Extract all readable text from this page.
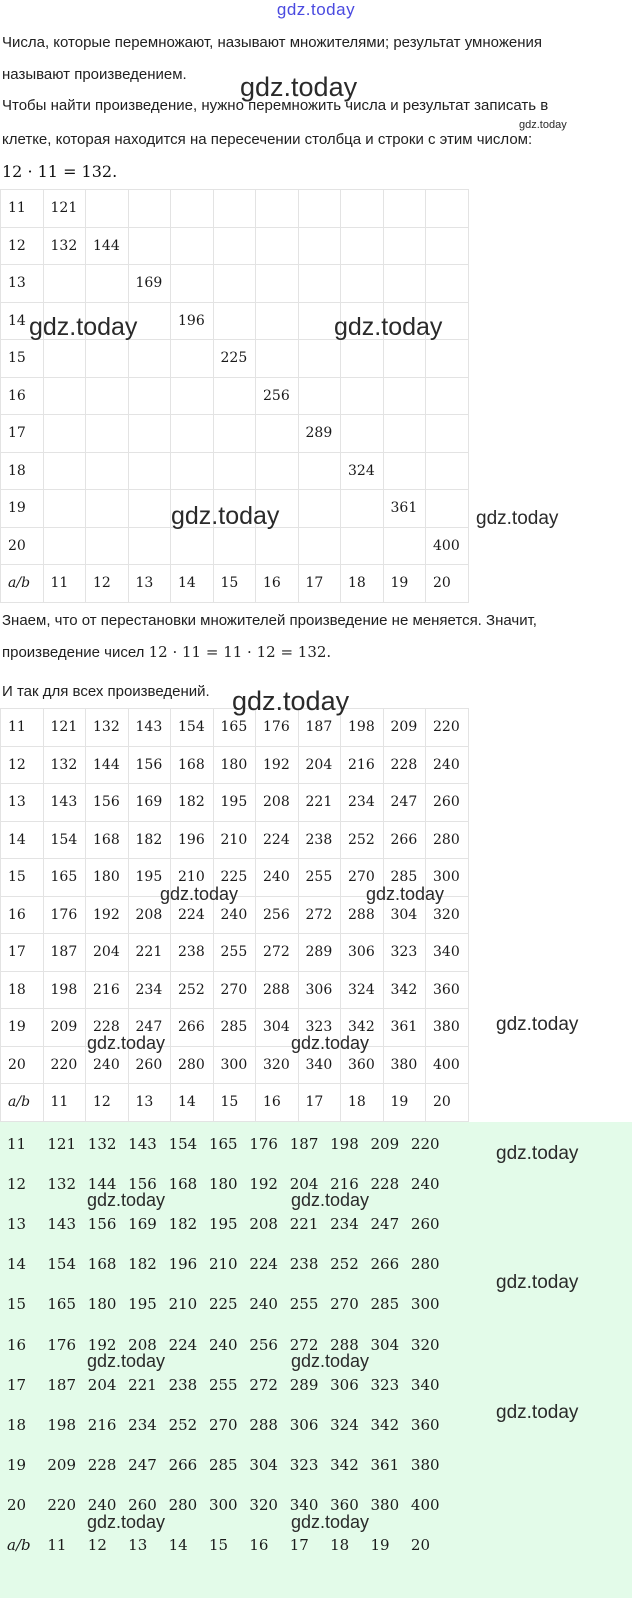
gdz.today
Числа, которые перемножают, называют множителями; результат умножения
называют произведением.
Чтобы найти произведение, нужно перемножить числа и результат записать в
клетке, которая находится на пересечении столбца и строки с этим числом:
12 · 11 = 132.
11	121									
12	132	144								
13			169							
14				196						
15					225					
16						256				
17							289			
18								324		
19									361	
20										400
a/b	11	12	13	14	15	16	17	18	19	20
Знаем, что от перестановки множителей произведение не меняется. Значит,
произведение чисел 12 · 11 = 11 · 12 = 132.
И так для всех произведений.
11	121	132	143	154	165	176	187	198	209	220
12	132	144	156	168	180	192	204	216	228	240
13	143	156	169	182	195	208	221	234	247	260
14	154	168	182	196	210	224	238	252	266	280
15	165	180	195	210	225	240	255	270	285	300
16	176	192	208	224	240	256	272	288	304	320
17	187	204	221	238	255	272	289	306	323	340
18	198	216	234	252	270	288	306	324	342	360
19	209	228	247	266	285	304	323	342	361	380
20	220	240	260	280	300	320	340	360	380	400
a/b	11	12	13	14	15	16	17	18	19	20
11	121	132	143	154	165	176	187	198	209	220
12	132	144	156	168	180	192	204	216	228	240
13	143	156	169	182	195	208	221	234	247	260
14	154	168	182	196	210	224	238	252	266	280
15	165	180	195	210	225	240	255	270	285	300
16	176	192	208	224	240	256	272	288	304	320
17	187	204	221	238	255	272	289	306	323	340
18	198	216	234	252	270	288	306	324	342	360
19	209	228	247	266	285	304	323	342	361	380
20	220	240	260	280	300	320	340	360	380	400
a/b	11	12	13	14	15	16	17	18	19	20
gdz.today
gdz.today
gdz.today	gdz.today
gdz.today	gdz.today
gdz.today
gdz.today	gdz.today
gdz.today
gdz.today	gdz.today
gdz.today
gdz.today	gdz.today
gdz.today
gdz.today	gdz.today
gdz.today
gdz.today	gdz.today
